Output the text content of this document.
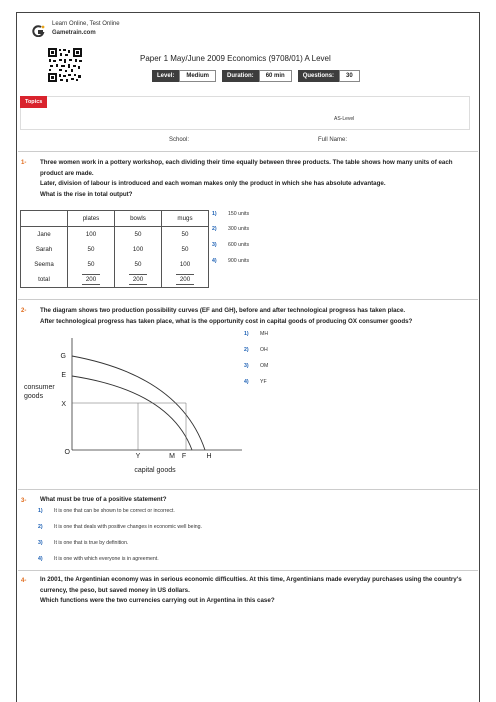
Learn Online, Test Online
Gametrain.com
Paper 1 May/June 2009 Economics (9708/01) A Level
Level:	Medium	Duration:	60 min	Questions:	30
Topics
AS-Level
School:	Full Name:
1- Three women work in a pottery workshop, each dividing their time equally between three products. The table shows how many units of each product are made.
Later, division of labour is introduced and each woman makes only the product in which she has absolute advantage.
What is the rise in total output?
	plates	bowls	mugs
Jane	100	50	50
Sarah	50	100	50
Seema	50	50	100
total	200	200	200
1) 150 units
2) 300 units
3) 600 units
4) 900 units
2- The diagram shows two production possibility curves (EF and GH), before and after technological progress has taken place.
After technological progress has taken place, what is the opportunity cost in capital goods of producing OX consumer goods?
G
E
X
O
Y	M F	H
consumer
goods
capital goods
1) MH
2) OH
3) OM
4) YF
3- What must be true of a positive statement?
1) It is one that can be shown to be correct or incorrect.
2) It is one that deals with positive changes in economic well being.
3) It is one that is true by definition.
4) It is one with which everyone is in agreement.
4- In 2001, the Argentinian economy was in serious economic difficulties. At this time, Argentinians made everyday purchases using the country's currency, the peso, but saved money in US dollars.
Which functions were the two currencies carrying out in Argentina in this case?
